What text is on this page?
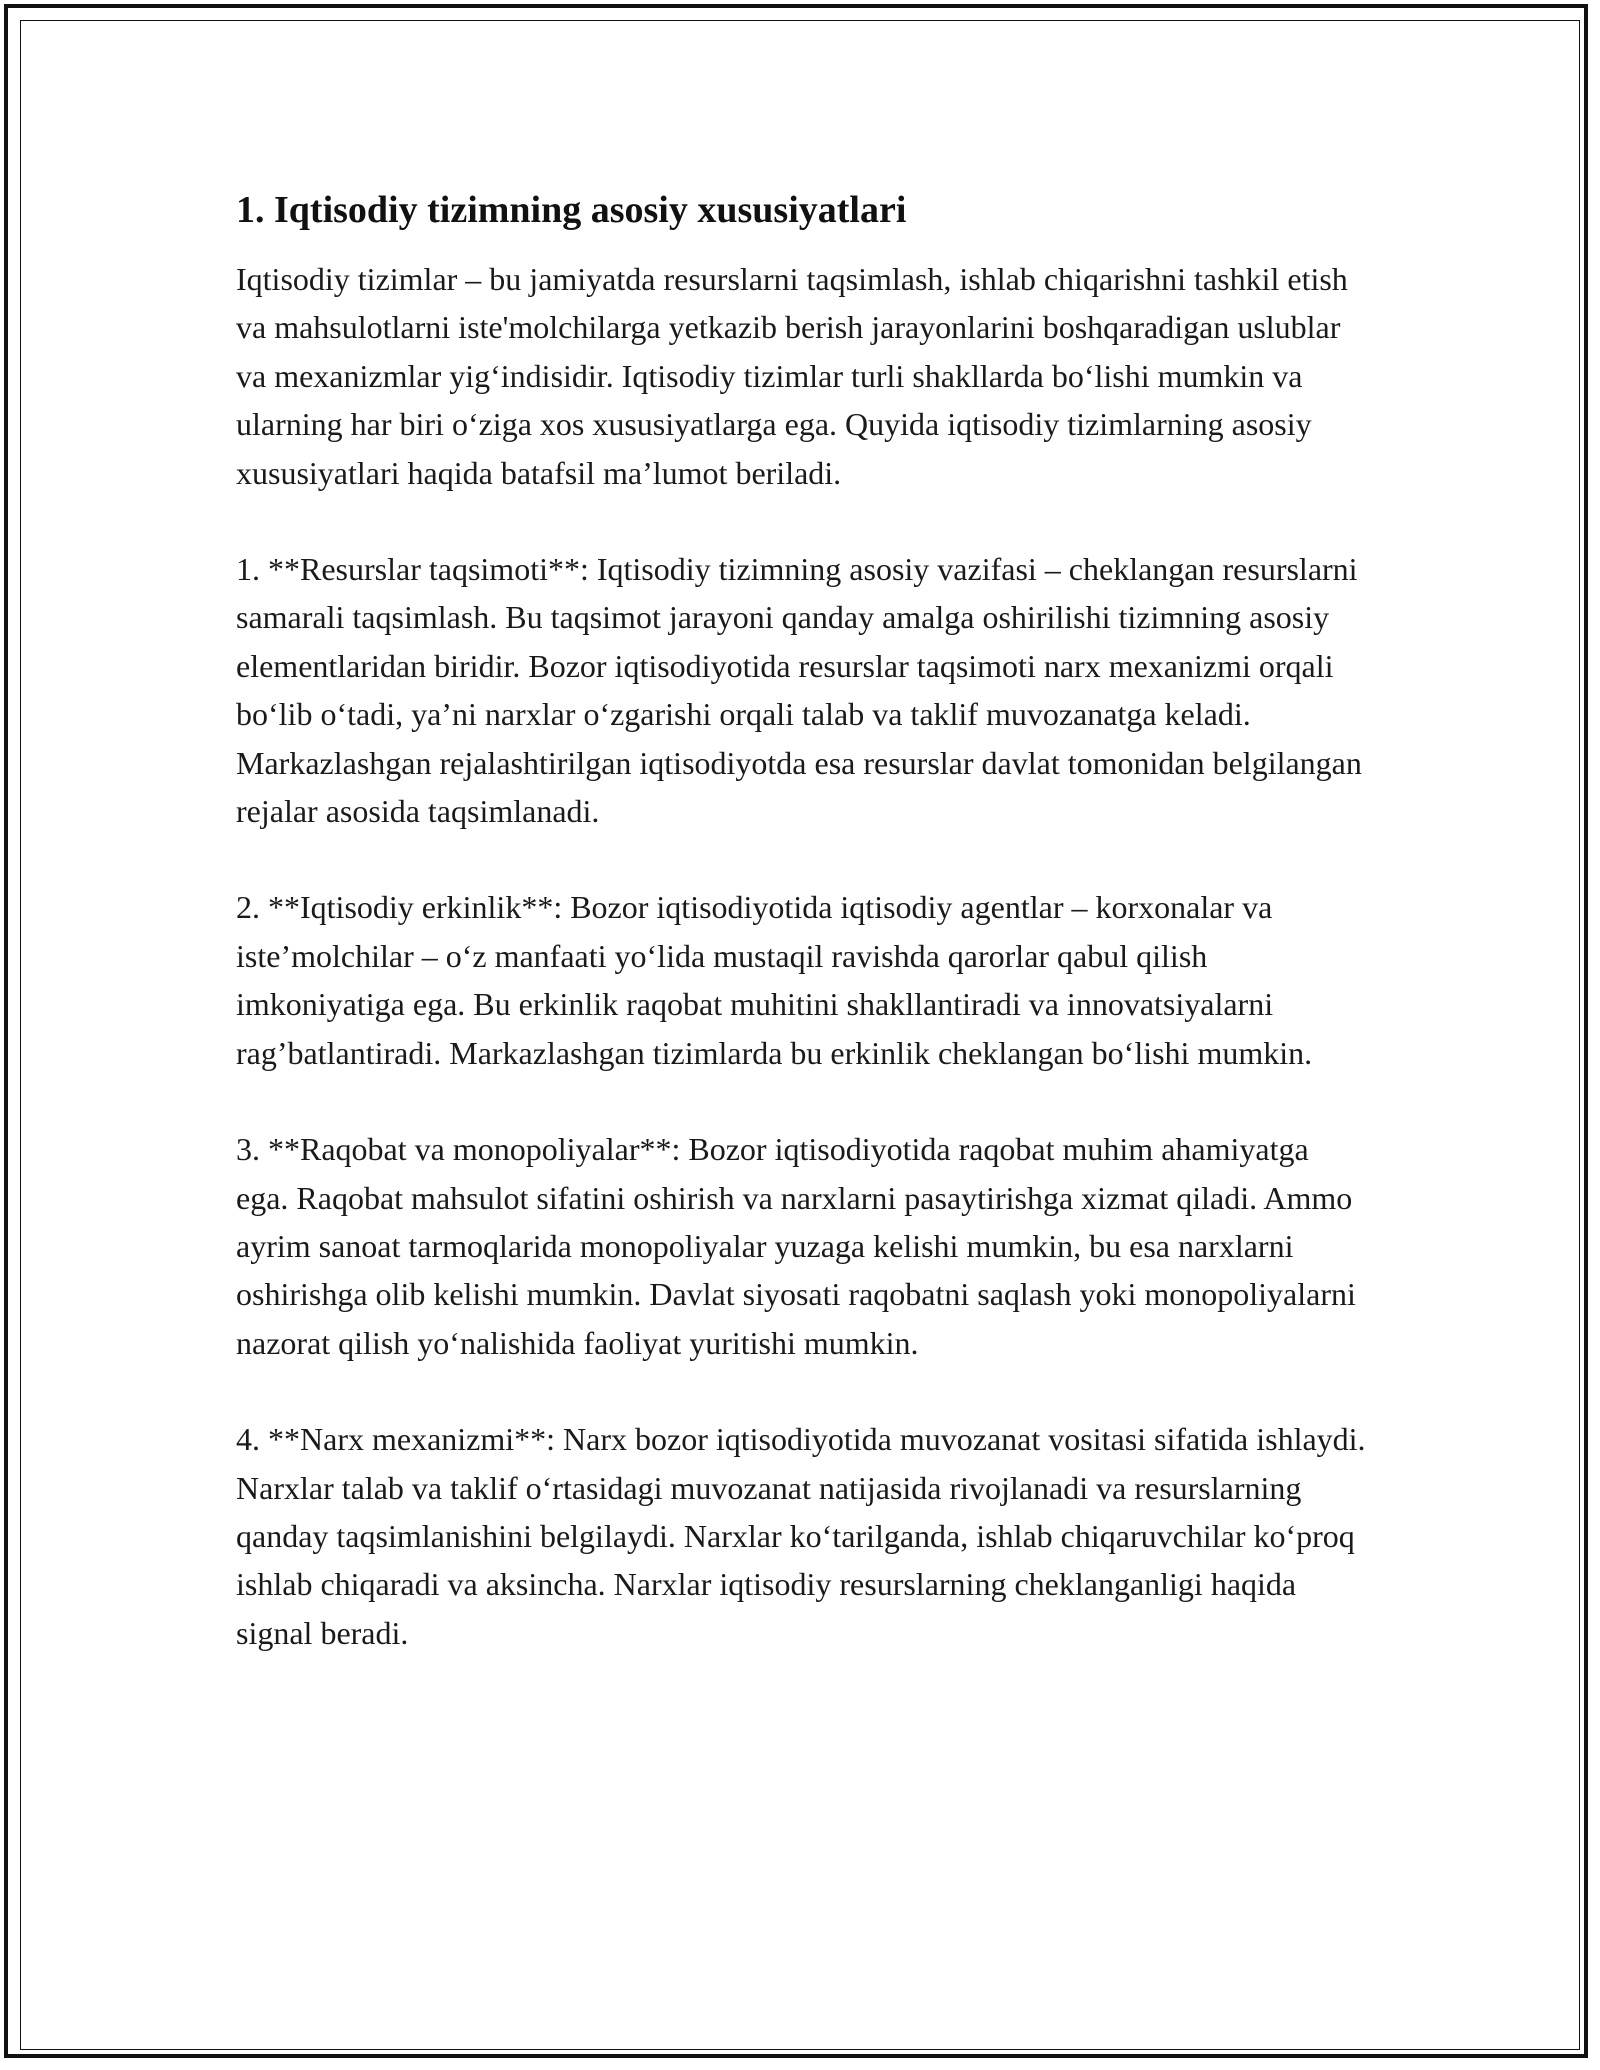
1. Iqtisodiy tizimning asosiy xususiyatlari

Iqtisodiy tizimlar – bu jamiyatda resurslarni taqsimlash, ishlab chiqarishni tashkil etish va mahsulotlarni iste'molchilarga yetkazib berish jarayonlarini boshqaradigan uslublar va mexanizmlar yig‘indisidir. Iqtisodiy tizimlar turli shakllarda bo‘lishi mumkin va ularning har biri o‘ziga xos xususiyatlarga ega. Quyida iqtisodiy tizimlarning asosiy xususiyatlari haqida batafsil ma’lumot beriladi.

1. **Resurslar taqsimoti**: Iqtisodiy tizimning asosiy vazifasi – cheklangan resurslarni samarali taqsimlash. Bu taqsimot jarayoni qanday amalga oshirilishi tizimning asosiy elementlaridan biridir. Bozor iqtisodiyotida resurslar taqsimoti narx mexanizmi orqali bo‘lib o‘tadi, ya’ni narxlar o‘zgarishi orqali talab va taklif muvozanatga keladi. Markazlashgan rejalashtirilgan iqtisodiyotda esa resurslar davlat tomonidan belgilangan rejalar asosida taqsimlanadi.

2. **Iqtisodiy erkinlik**: Bozor iqtisodiyotida iqtisodiy agentlar – korxonalar va iste’molchilar – o‘z manfaati yo‘lida mustaqil ravishda qarorlar qabul qilish imkoniyatiga ega. Bu erkinlik raqobat muhitini shakllantiradi va innovatsiyalarni rag’batlantiradi. Markazlashgan tizimlarda bu erkinlik cheklangan bo‘lishi mumkin.

3. **Raqobat va monopoliyalar**: Bozor iqtisodiyotida raqobat muhim ahamiyatga ega. Raqobat mahsulot sifatini oshirish va narxlarni pasaytirishga xizmat qiladi. Ammo ayrim sanoat tarmoqlarida monopoliyalar yuzaga kelishi mumkin, bu esa narxlarni oshirishga olib kelishi mumkin. Davlat siyosati raqobatni saqlash yoki monopoliyalarni nazorat qilish yo‘nalishida faoliyat yuritishi mumkin.

4. **Narx mexanizmi**: Narx bozor iqtisodiyotida muvozanat vositasi sifatida ishlaydi. Narxlar talab va taklif o‘rtasidagi muvozanat natijasida rivojlanadi va resurslarning qanday taqsimlanishini belgilaydi. Narxlar ko‘tarilganda, ishlab chiqaruvchilar ko‘proq ishlab chiqaradi va aksincha. Narxlar iqtisodiy resurslarning cheklanganligi haqida signal beradi.
